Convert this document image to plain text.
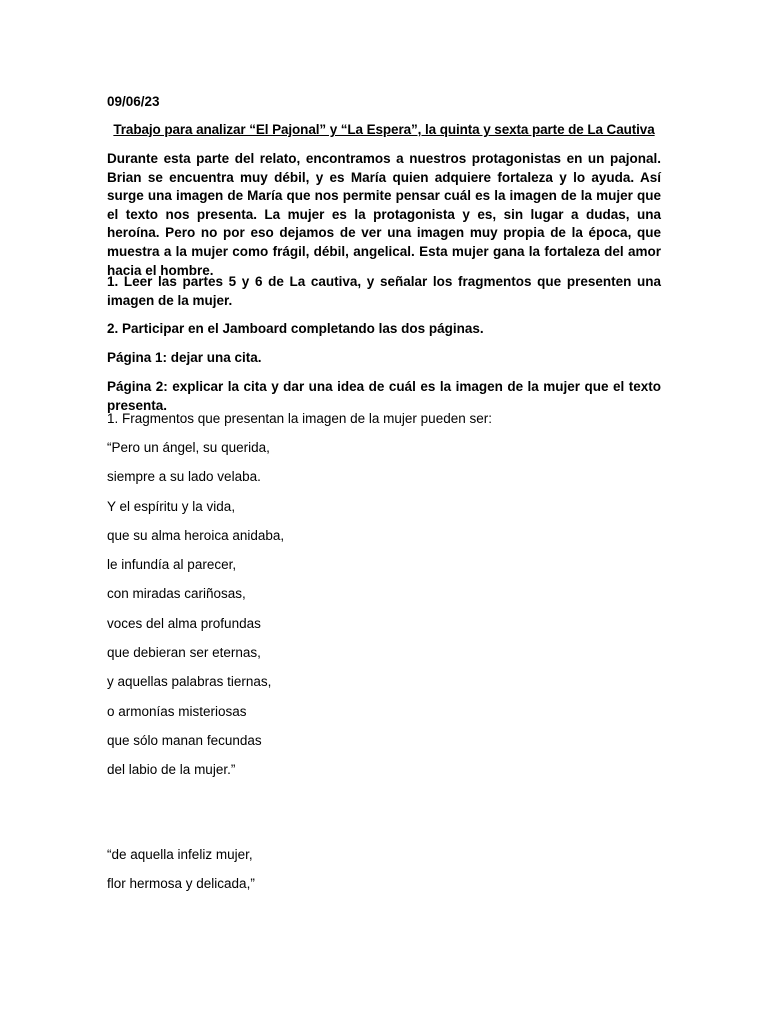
09/06/23

Trabajo para analizar “El Pajonal” y “La Espera”, la quinta y sexta parte de La Cautiva

Durante esta parte del relato, encontramos a nuestros protagonistas en un pajonal. Brian se encuentra muy débil, y es María quien adquiere fortaleza y lo ayuda. Así surge una imagen de María que nos permite pensar cuál es la imagen de la mujer que el texto nos presenta. La mujer es la protagonista y es, sin lugar a dudas, una heroína. Pero no por eso dejamos de ver una imagen muy propia de la época, que muestra a la mujer como frágil, débil, angelical. Esta mujer gana la fortaleza del amor hacia el hombre.

1. Leer las partes 5 y 6 de La cautiva, y señalar los fragmentos que presenten una imagen de la mujer.

2. Participar en el Jamboard completando las dos páginas.

Página 1: dejar una cita.

Página 2: explicar la cita y dar una idea de cuál es la imagen de la mujer que el texto presenta.

1. Fragmentos que presentan la imagen de la mujer pueden ser:

“Pero un ángel, su querida,
siempre a su lado velaba.
Y el espíritu y la vida,
que su alma heroica anidaba,
le infundía al parecer,
con miradas cariñosas,
voces del alma profundas
que debieran ser eternas,
y aquellas palabras tiernas,
o armonías misteriosas
que sólo manan fecundas
del labio de la mujer.”
“de aquella infeliz mujer,
flor hermosa y delicada,”
